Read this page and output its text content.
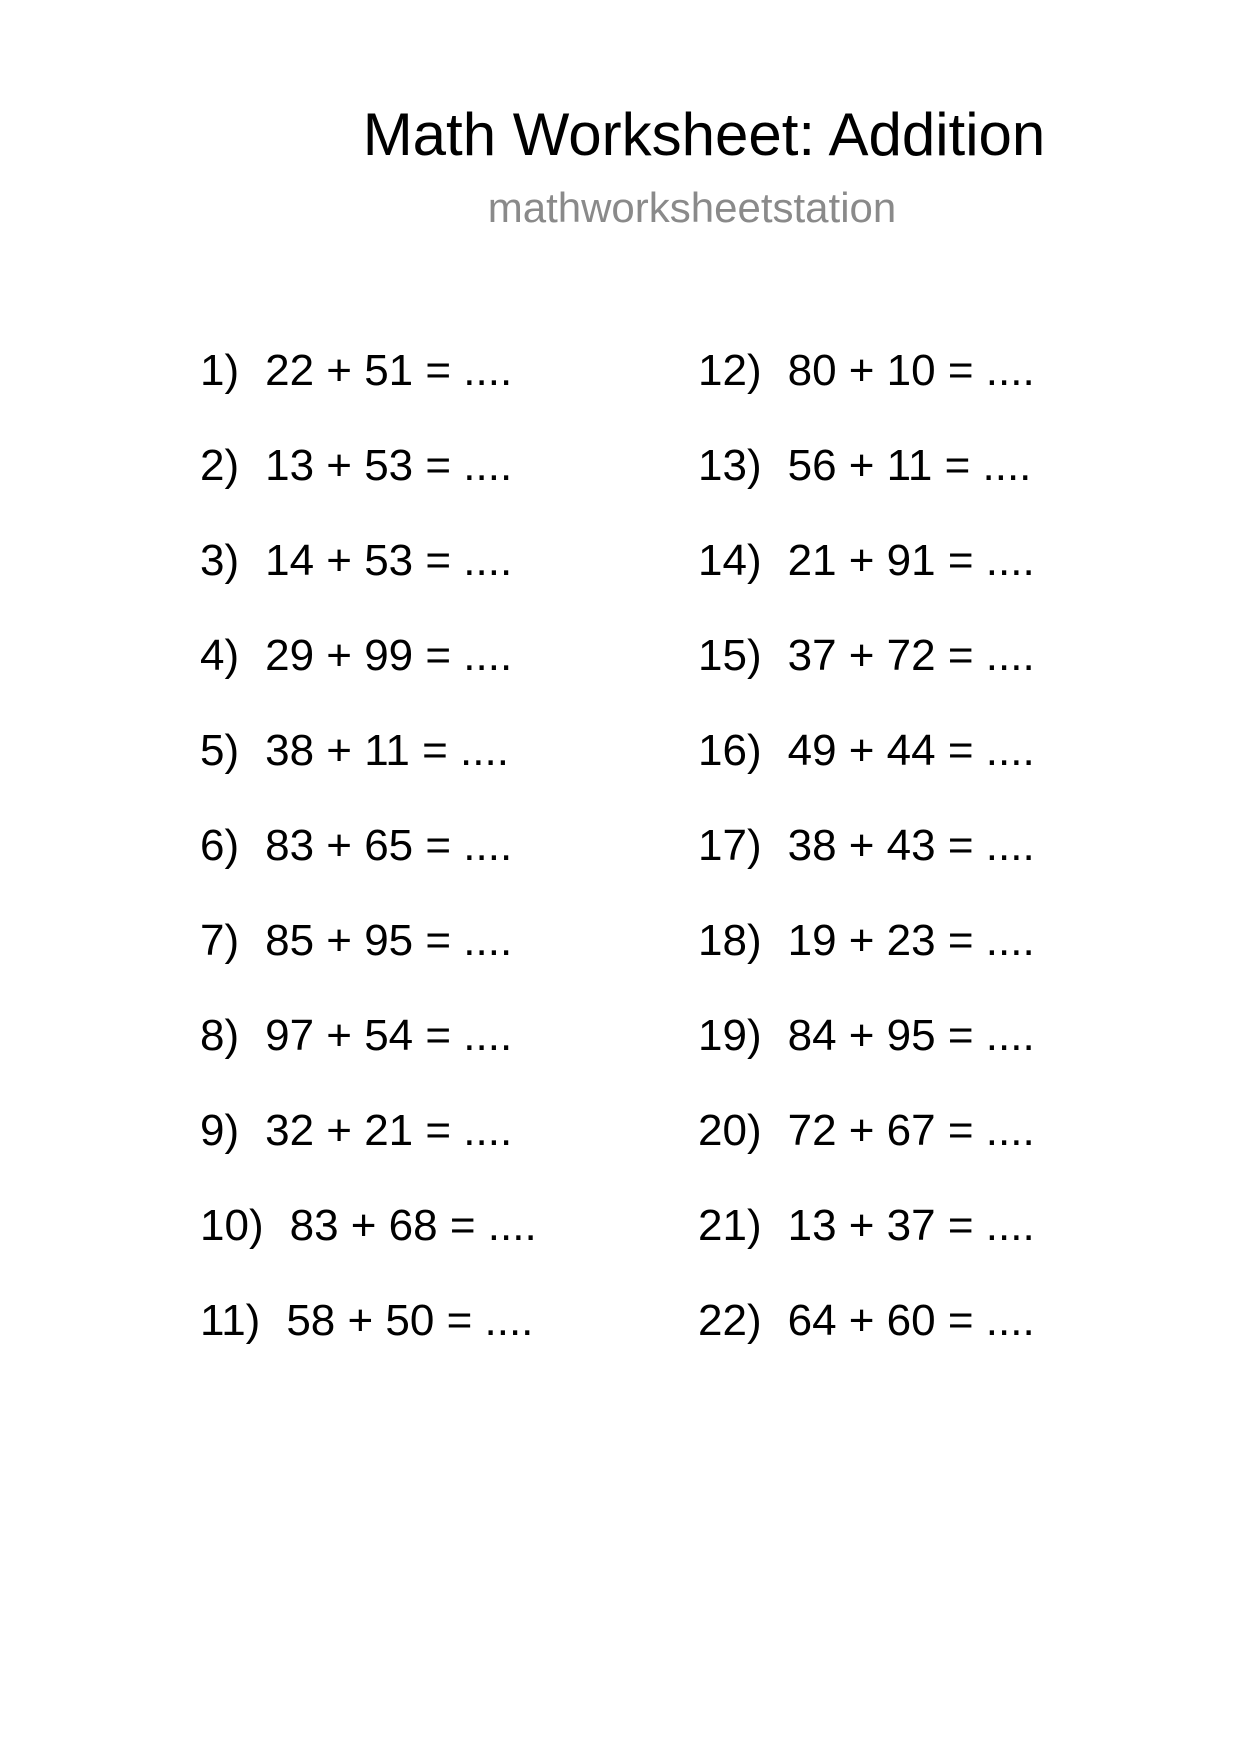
Math Worksheet: Addition
mathworksheetstation
1) 22 + 51 = ....
2) 13 + 53 = ....
3) 14 + 53 = ....
4) 29 + 99 = ....
5) 38 + 11 = ....
6) 83 + 65 = ....
7) 85 + 95 = ....
8) 97 + 54 = ....
9) 32 + 21 = ....
10) 83 + 68 = ....
11) 58 + 50 = ....
12) 80 + 10 = ....
13) 56 + 11 = ....
14) 21 + 91 = ....
15) 37 + 72 = ....
16) 49 + 44 = ....
17) 38 + 43 = ....
18) 19 + 23 = ....
19) 84 + 95 = ....
20) 72 + 67 = ....
21) 13 + 37 = ....
22) 64 + 60 = ....
